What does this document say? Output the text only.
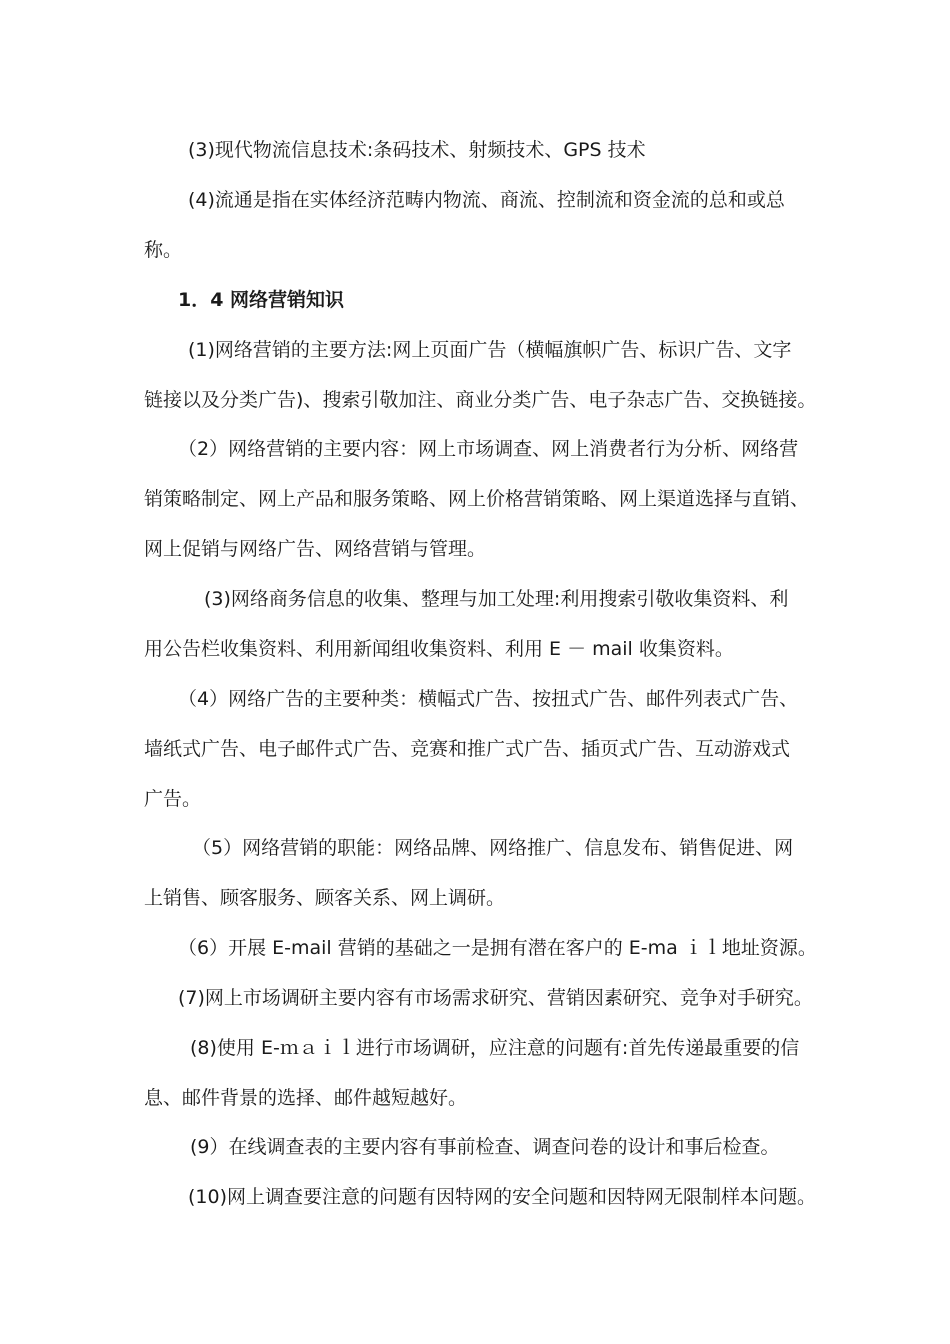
(3)现代物流信息技术:条码技术、射频技术、GPS 技术
(4)流通是指在实体经济范畴内物流、商流、控制流和资金流的总和或总
称。
1．4 网络营销知识
(1)网络营销的主要方法:网上页面广告（横幅旗帜广告、标识广告、文字
链接以及分类广告)、搜索引敬加注、商业分类广告、电子杂志广告、交换链接。
（2）网络营销的主要内容：网上市场调查、网上消费者行为分析、网络营
销策略制定、网上产品和服务策略、网上价格营销策略、网上渠道选择与直销、
网上促销与网络广告、网络营销与管理。
(3)网络商务信息的收集、整理与加工处理:利用搜索引敬收集资料、利
用公告栏收集资料、利用新闻组收集资料、利用 E － mail 收集资料。
（4）网络广告的主要种类：横幅式广告、按扭式广告、邮件列表式广告、
墙纸式广告、电子邮件式广告、竞赛和推广式广告、插页式广告、互动游戏式
广告。
（5）网络营销的职能：网络品牌、网络推广、信息发布、销售促进、网
上销售、顾客服务、顾客关系、网上调研。
（6）开展 E-mail 营销的基础之一是拥有潜在客户的 E-ma ｉｌ地址资源。
(7)网上市场调研主要内容有市场需求研究、营销因素研究、竞争对手研究。
(8)使用 E-ｍａｉｌ进行市场调研，应注意的问题有:首先传递最重要的信
息、邮件背景的选择、邮件越短越好。
(9）在线调查表的主要内容有事前检查、调查问卷的设计和事后检查。
(10)网上调查要注意的问题有因特网的安全问题和因特网无限制样本问题。
